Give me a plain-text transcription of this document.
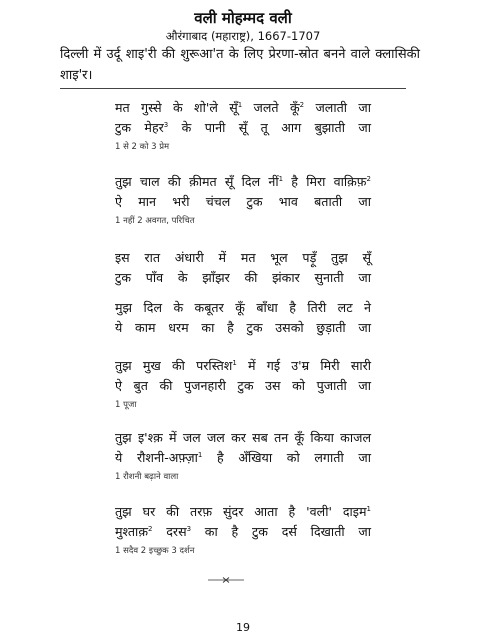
वली मोहम्मद वली
औरंगाबाद (महाराष्ट्र), 1667-1707
दिल्ली में उर्दू शाइ'री की शुरूआ'त के लिए प्रेरणा-स्रोत बनने वाले क्लासिकी शाइ'र।
मत गुस्से के शो'ले सूँ$^1$ जलते कूँ$^2$ जलाती जा
टुक मेहर$^3$ के पानी सूँ तू आग बुझाती जा
1 से 2 को 3 प्रेम
तुझ चाल की क़ीमत सूँ दिल नीं$^1$ है मिरा वाक़िफ़$^2$
ऐ मान भरी चंचल टुक भाव बताती जा
1 नहीं 2 अवगत, परिचित
इस रात अंधारी में मत भूल पड़ूँ तुझ सूँ
टुक पाँव के झाँझर की झंकार सुनाती जा
मुझ दिल के कबूतर कूँ बाँधा है तिरी लट ने
ये काम धरम का है टुक उसको छुड़ाती जा
तुझ मुख की परस्तिश$^1$ में गई उ'म्र मिरी सारी
ऐ बुत की पुजनहारी टुक उस को पुजाती जा
1 पूजा
तुझ इ'श्क़ में जल जल कर सब तन कूँ किया काजल
ये रौशनी-अफ़्ज़ा$^1$ है अँखिया को लगाती जा
1 रौशनी बढ़ाने वाला
तुझ घर की तरफ़ सुंदर आता है 'वली' दाइम$^1$
मुश्ताक़$^2$ दरस$^3$ का है टुक दर्स दिखाती जा
1 सदैव 2 इच्छुक 3 दर्शन
19
